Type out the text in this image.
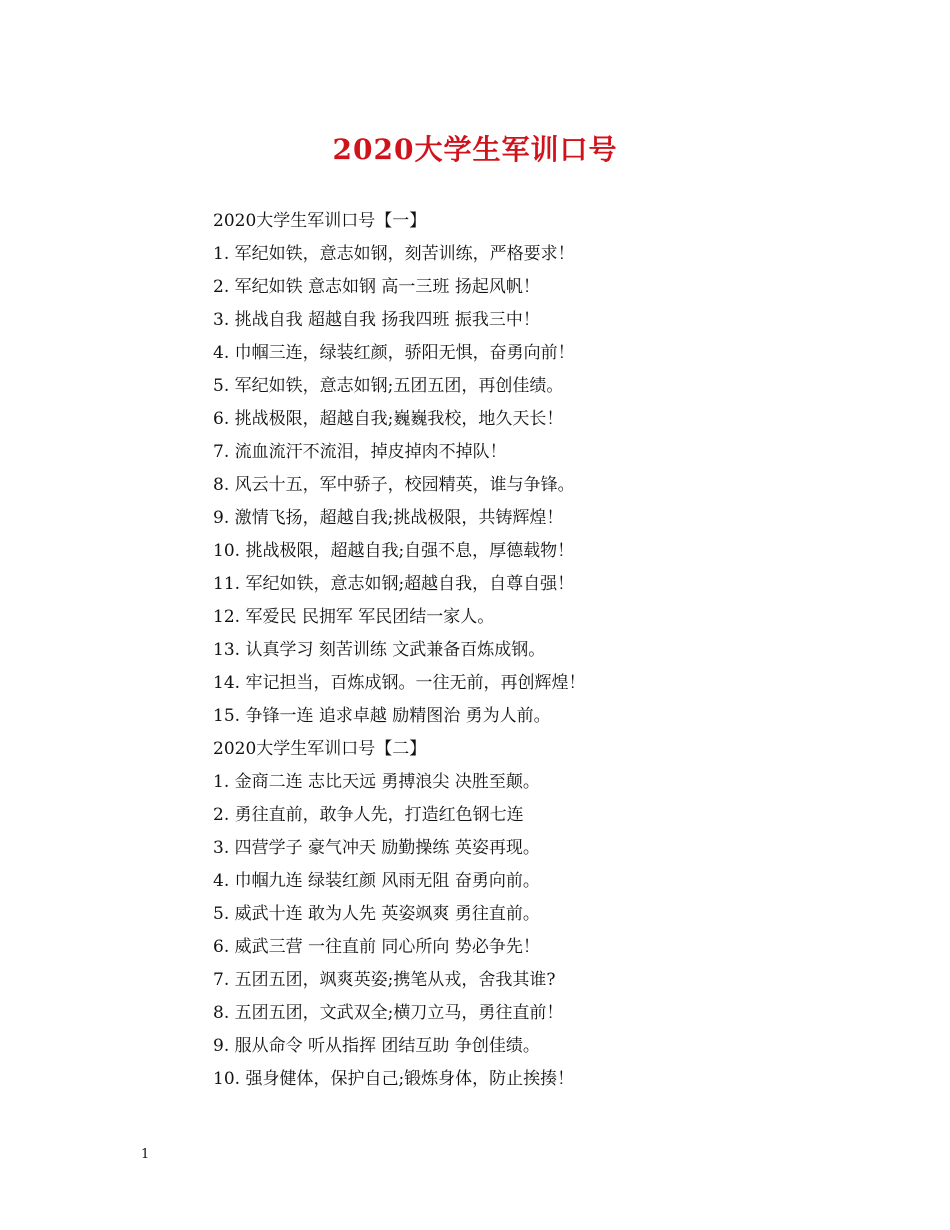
2020大学生军训口号
2020大学生军训口号【一】
1. 军纪如铁，意志如钢，刻苦训练，严格要求！
2. 军纪如铁 意志如钢 高一三班 扬起风帆！
3. 挑战自我 超越自我 扬我四班 振我三中！
4. 巾帼三连，绿装红颜，骄阳无惧，奋勇向前！
5. 军纪如铁，意志如钢;五团五团，再创佳绩。
6. 挑战极限，超越自我;巍巍我校，地久天长！
7. 流血流汗不流泪，掉皮掉肉不掉队！
8. 风云十五，军中骄子，校园精英，谁与争锋。
9. 激情飞扬，超越自我;挑战极限，共铸辉煌！
10. 挑战极限，超越自我;自强不息，厚德载物！
11. 军纪如铁，意志如钢;超越自我，自尊自强！
12. 军爱民 民拥军 军民团结一家人。
13. 认真学习 刻苦训练 文武兼备百炼成钢。
14. 牢记担当，百炼成钢。一往无前，再创辉煌！
15. 争锋一连 追求卓越 励精图治 勇为人前。
2020大学生军训口号【二】
1. 金商二连 志比天远 勇搏浪尖 决胜至颠。
2. 勇往直前，敢争人先，打造红色钢七连
3. 四营学子 豪气冲天 励勤操练 英姿再现。
4. 巾帼九连 绿装红颜 风雨无阻 奋勇向前。
5. 威武十连 敢为人先 英姿飒爽 勇往直前。
6. 威武三营 一往直前 同心所向 势必争先！
7. 五团五团，飒爽英姿;携笔从戎，舍我其谁?
8. 五团五团，文武双全;横刀立马，勇往直前！
9. 服从命令 听从指挥 团结互助 争创佳绩。
10. 强身健体，保护自己;锻炼身体，防止挨揍！
1
